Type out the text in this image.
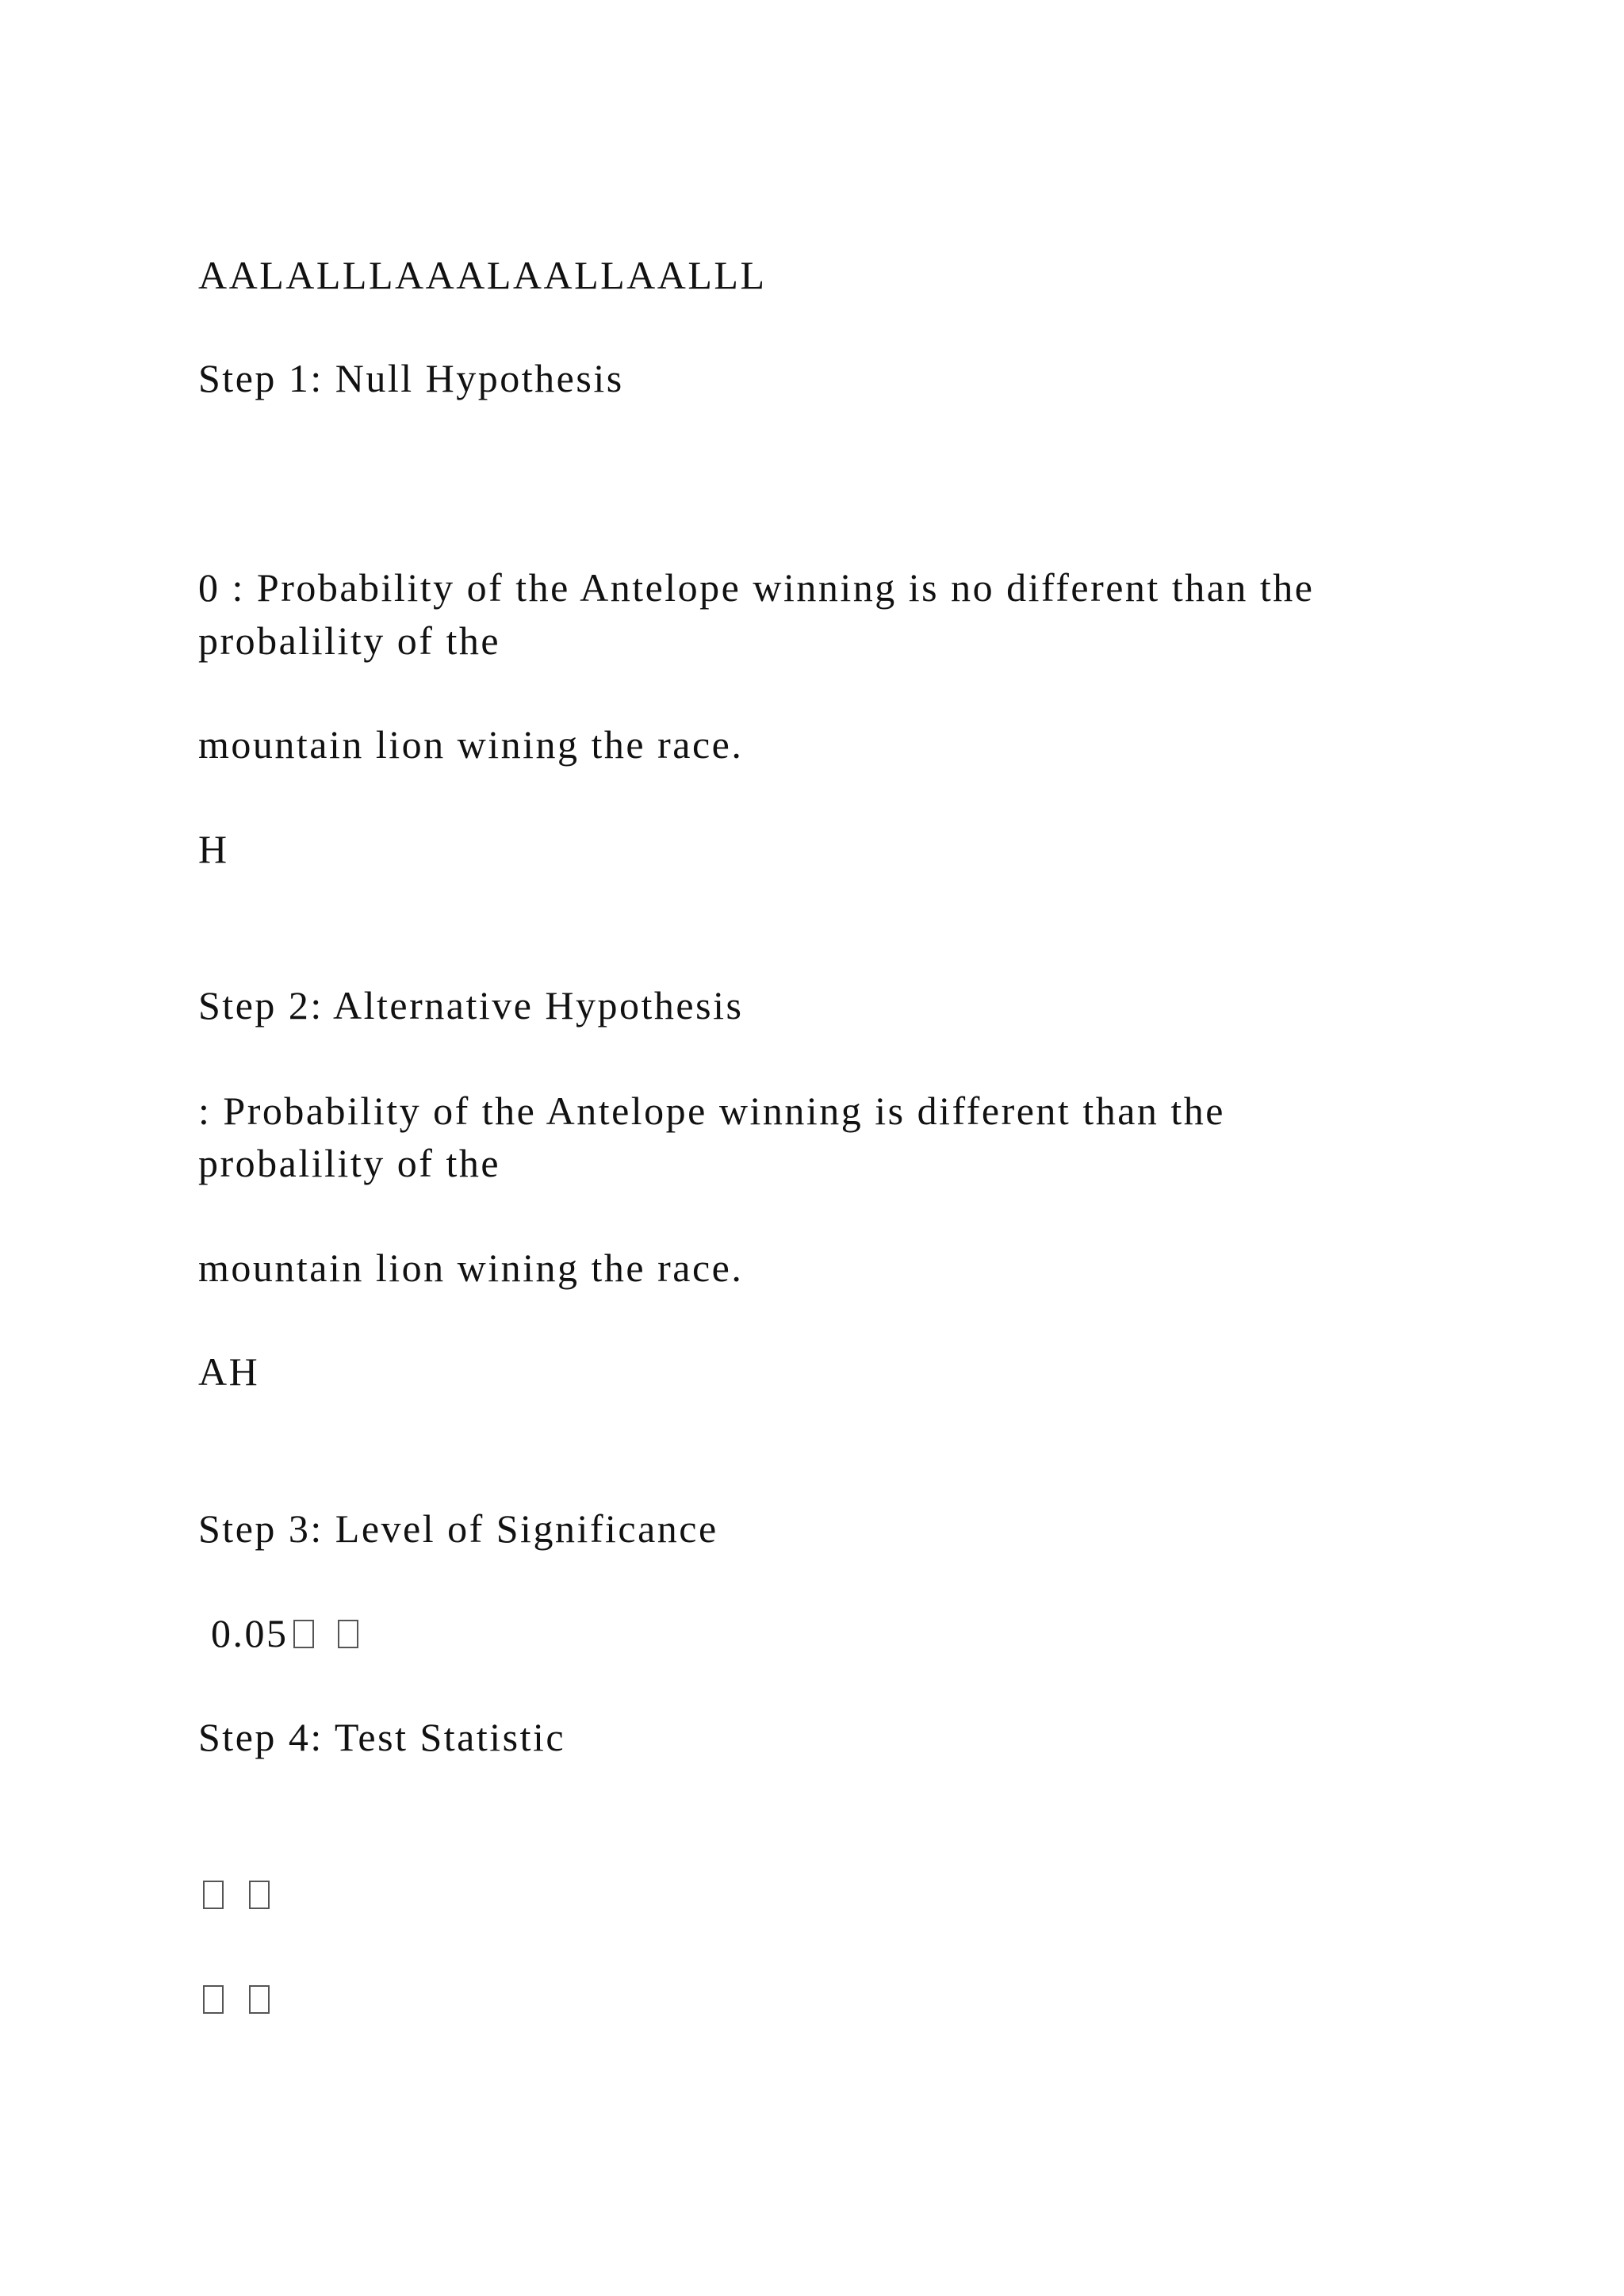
AALALLLAAALAALLAALLL
Step 1: Null Hypothesis
0 : Probability of the Antelope winning is no different than the
probalility of the
mountain lion wining the race.
H
Step 2: Alternative Hypothesis
: Probability of the Antelope winning is different than the
probalility of the
mountain lion wining the race.
AH
Step 3: Level of Significance
0.05
Step 4: Test Statistic
